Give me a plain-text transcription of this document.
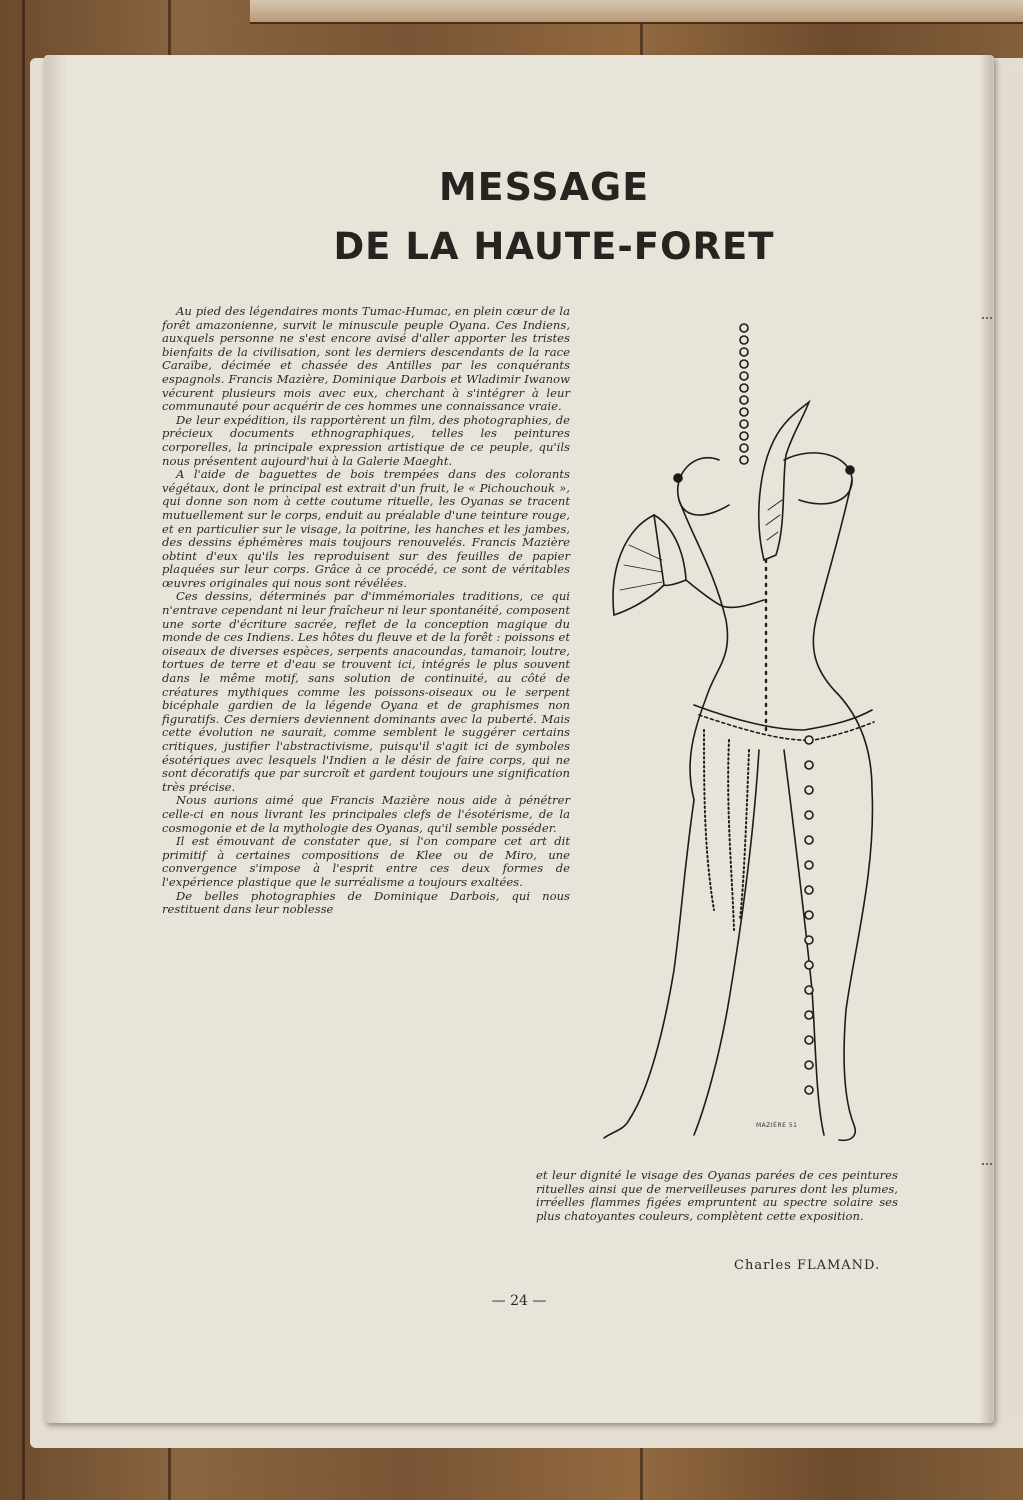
MESSAGE
DE LA HAUTE-FORET

Au pied des légendaires monts Tumac-Humac, en plein cœur de la forêt amazonienne, survit le minuscule peuple Oyana. Ces Indiens, auxquels personne ne s'est encore avisé d'aller apporter les tristes bienfaits de la civilisation, sont les derniers descendants de la race Caraïbe, décimée et chassée des Antilles par les conquérants espagnols. Francis Mazière, Dominique Darbois et Wladimir Iwanow vécurent plusieurs mois avec eux, cherchant à s'intégrer à leur communauté pour acquérir de ces hommes une connaissance vraie.

De leur expédition, ils rapportèrent un film, des photographies, de précieux documents ethnographiques, telles les peintures corporelles, la principale expression artistique de ce peuple, qu'ils nous présentent aujourd'hui à la Galerie Maeght.

A l'aide de baguettes de bois trempées dans des colorants végétaux, dont le principal est extrait d'un fruit, le « Pichouchouk », qui donne son nom à cette coutume rituelle, les Oyanas se tracent mutuellement sur le corps, enduit au préalable d'une teinture rouge, et en particulier sur le visage, la poitrine, les hanches et les jambes, des dessins éphémères mais toujours renouvelés. Francis Mazière obtint d'eux qu'ils les reproduisent sur des feuilles de papier plaquées sur leur corps. Grâce à ce procédé, ce sont de véritables œuvres originales qui nous sont révélées.

Ces dessins, déterminés par d'immémoriales traditions, ce qui n'entrave cependant ni leur fraîcheur ni leur spontanéité, composent une sorte d'écriture sacrée, reflet de la conception magique du monde de ces Indiens. Les hôtes du fleuve et de la forêt : poissons et oiseaux de diverses espèces, serpents anacoundas, tamanoir, loutre, tortues de terre et d'eau se trouvent ici, intégrés le plus souvent dans le même motif, sans solution de continuité, au côté de créatures mythiques comme les poissons-oiseaux ou le serpent bicéphale gardien de la légende Oyana et de graphismes non figuratifs. Ces derniers deviennent dominants avec la puberté. Mais cette évolution ne saurait, comme semblent le suggérer certains critiques, justifier l'abstractivisme, puisqu'il s'agit ici de symboles ésotériques avec lesquels l'Indien a le désir de faire corps, qui ne sont décoratifs que par surcroît et gardent toujours une signification très précise.

Nous aurions aimé que Francis Mazière nous aide à pénétrer celle-ci en nous livrant les principales clefs de l'ésotérisme, de la cosmogonie et de la mythologie des Oyanas, qu'il semble posséder.

Il est émouvant de constater que, si l'on compare cet art dit primitif à certaines compositions de Klee ou de Miro, une convergence s'impose à l'esprit entre ces deux formes de l'expérience plastique que le surréalisme a toujours exaltées.

De belles photographies de Dominique Darbois, qui nous restituent dans leur noblesse

MAZIÈRE 51

et leur dignité le visage des Oyanas parées de ces peintures rituelles ainsi que de merveilleuses parures dont les plumes, irréelles flammes figées empruntent au spectre solaire ses plus chatoyantes couleurs, complètent cette exposition.

Charles FLAMAND.
— 24 —
